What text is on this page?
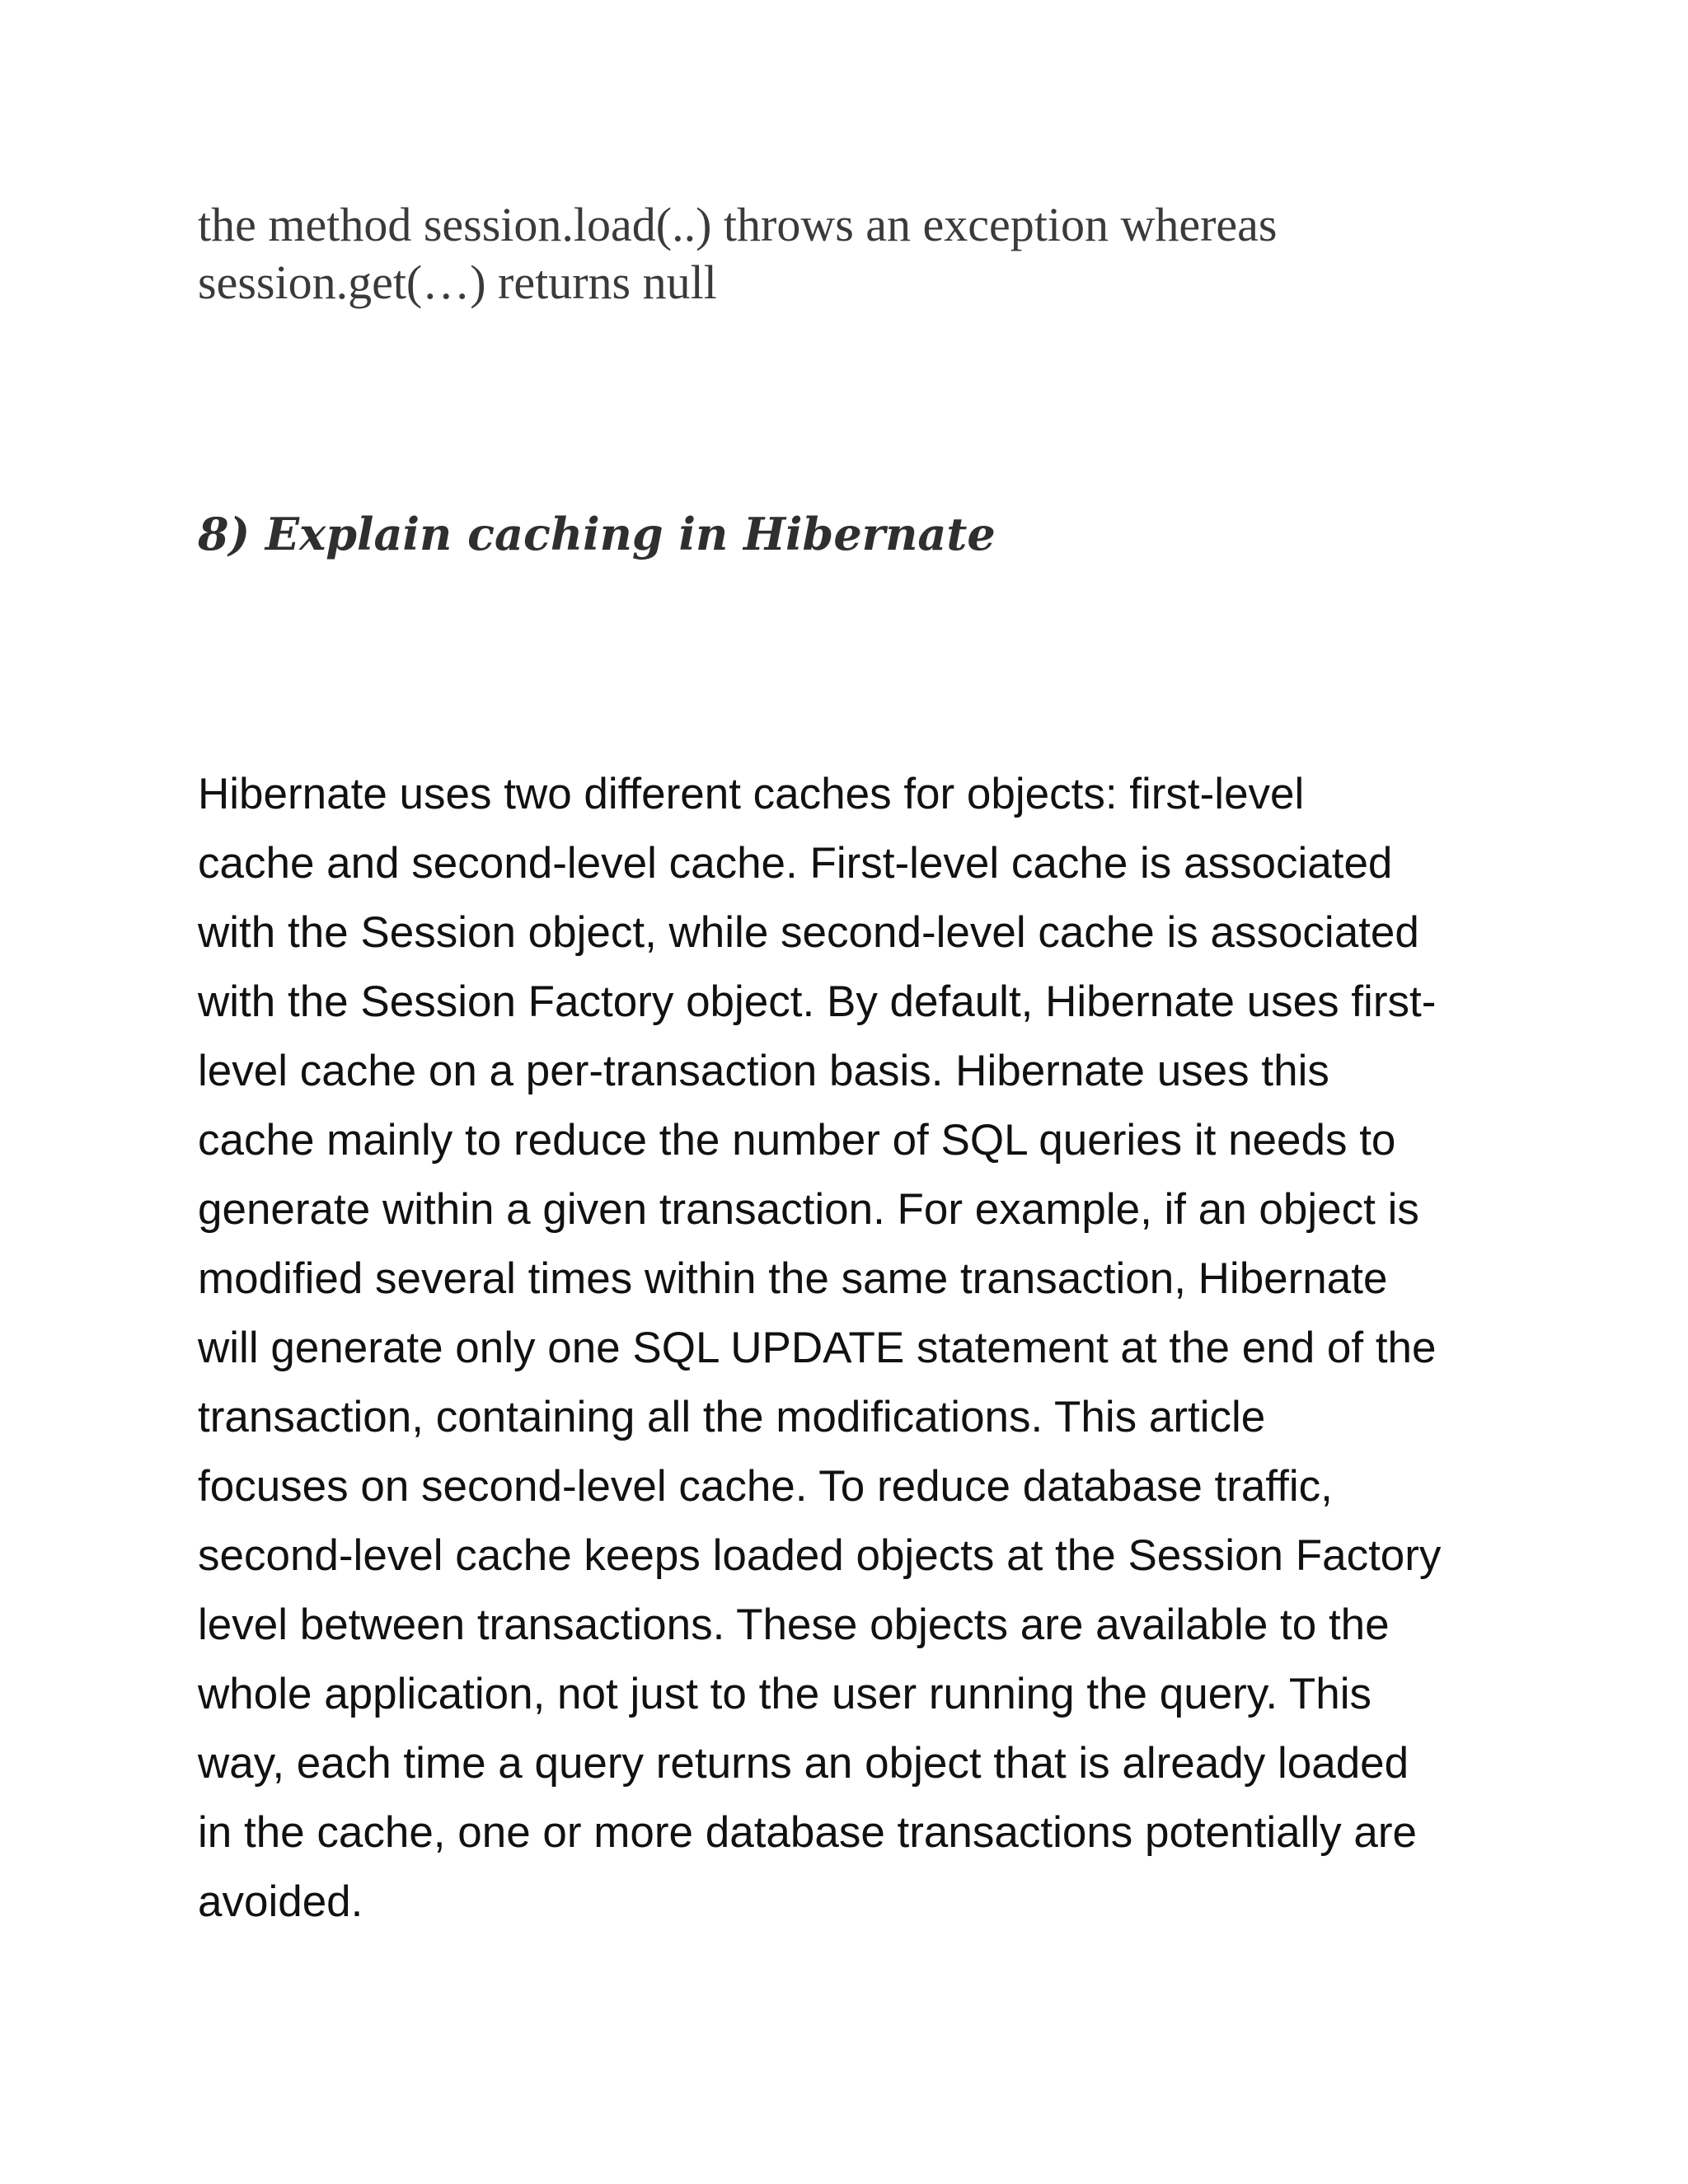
the method session.load(..) throws an exception whereas
session.get(…) returns null
8) Explain caching in Hibernate
Hibernate uses two different caches for objects: first-level
cache and second-level cache. First-level cache is associated
with the Session object, while second-level cache is associated
with the Session Factory object. By default, Hibernate uses first-
level cache on a per-transaction basis. Hibernate uses this
cache mainly to reduce the number of SQL queries it needs to
generate within a given transaction. For example, if an object is
modified several times within the same transaction, Hibernate
will generate only one SQL UPDATE statement at the end of the
transaction, containing all the modifications. This article
focuses on second-level cache. To reduce database traffic,
second-level cache keeps loaded objects at the Session Factory
level between transactions. These objects are available to the
whole application, not just to the user running the query. This
way, each time a query returns an object that is already loaded
in the cache, one or more database transactions potentially are
avoided.
